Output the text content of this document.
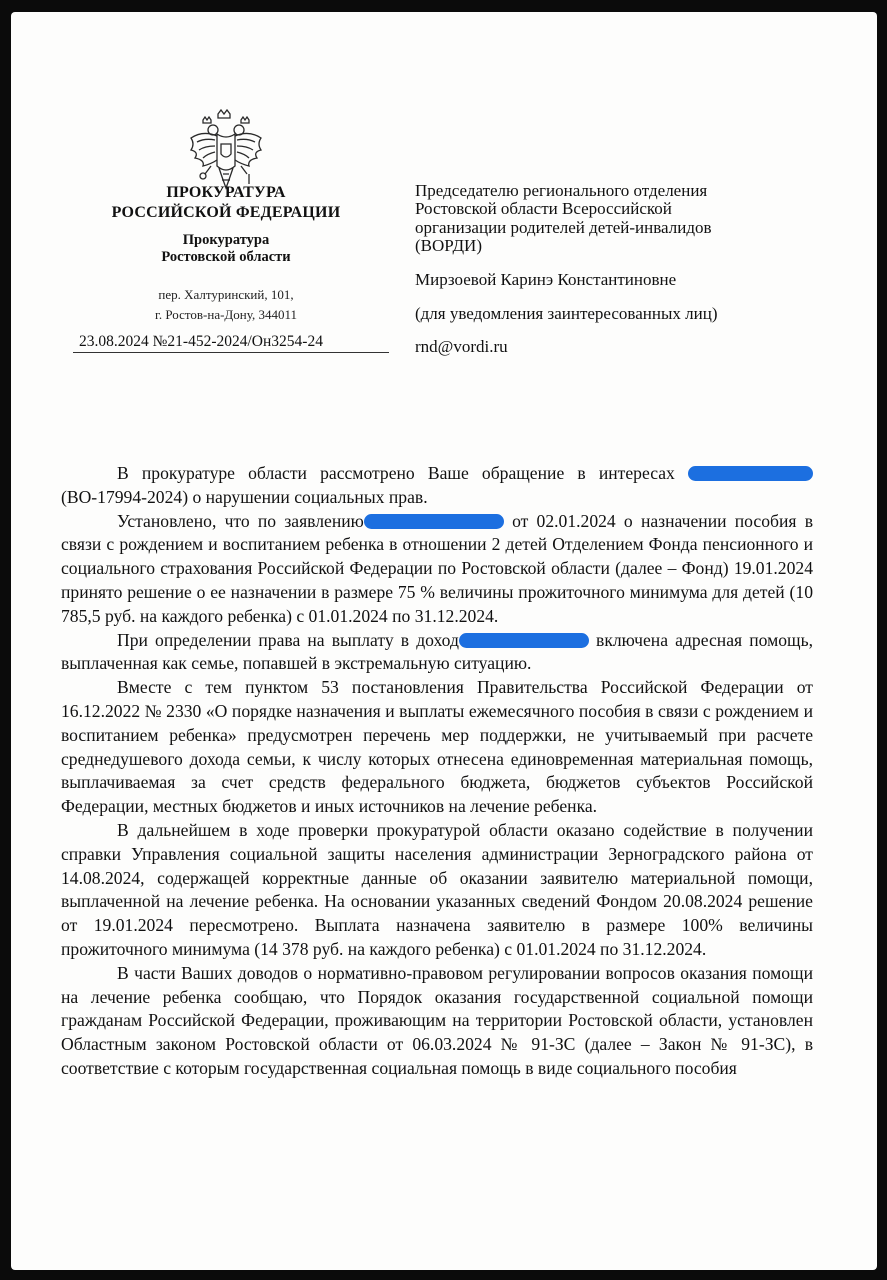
ПРОКУРАТУРА
РОССИЙСКОЙ ФЕДЕРАЦИИ
Прокуратура
Ростовской области
пер. Халтуринский, 101,
г. Ростов-на-Дону, 344011
23.08.2024 №21-452-2024/Он3254-24
Председателю регионального отделения
Ростовской области Всероссийской
организации родителей детей-инвалидов
(ВОРДИ)
Мирзоевой Каринэ Константиновне
(для уведомления заинтересованных лиц)
rnd@vordi.ru

В прокуратуре области рассмотрено Ваше обращение в интересах  (ВО-17994-2024) о нарушении социальных прав.

Установлено, что по заявлению	от 02.01.2024 о назначении пособия в связи с рождением и воспитанием ребенка в отношении 2 детей Отделением Фонда пенсионного и социального страхования Российской Федерации по Ростовской области (далее – Фонд) 19.01.2024 принято решение о ее назначении в размере 75 % величины прожиточного минимума для детей (10 785,5 руб. на каждого ребенка) с 01.01.2024 по 31.12.2024.

При определении права на выплату в доход	включена адресная помощь, выплаченная как семье, попавшей в экстремальную ситуацию.

Вместе с тем пунктом 53 постановления Правительства Российской Федерации от 16.12.2022 № 2330 «О порядке назначения и выплаты ежемесячного пособия в связи с рождением и воспитанием ребенка» предусмотрен перечень мер поддержки, не учитываемый при расчете среднедушевого дохода семьи, к числу которых отнесена единовременная материальная помощь, выплачиваемая за счет средств федерального бюджета, бюджетов субъектов Российской Федерации, местных бюджетов и иных источников на лечение ребенка.

В дальнейшем в ходе проверки прокуратурой области оказано содействие в получении справки Управления социальной защиты населения администрации Зерноградского района от 14.08.2024, содержащей корректные данные об оказании заявителю материальной помощи, выплаченной на лечение ребенка. На основании указанных сведений Фондом 20.08.2024 решение от 19.01.2024 пересмотрено. Выплата назначена заявителю в размере 100% величины прожиточного минимума (14 378 руб. на каждого ребенка) с 01.01.2024 по 31.12.2024.

В части Ваших доводов о нормативно-правовом регулировании вопросов оказания помощи на лечение ребенка сообщаю, что Порядок оказания государственной социальной помощи гражданам Российской Федерации, проживающим на территории Ростовской области, установлен Областным законом Ростовской области от 06.03.2024 № 91-ЗС (далее – Закон № 91-ЗС), в соответствие с которым государственная социальная помощь в виде социального пособия
